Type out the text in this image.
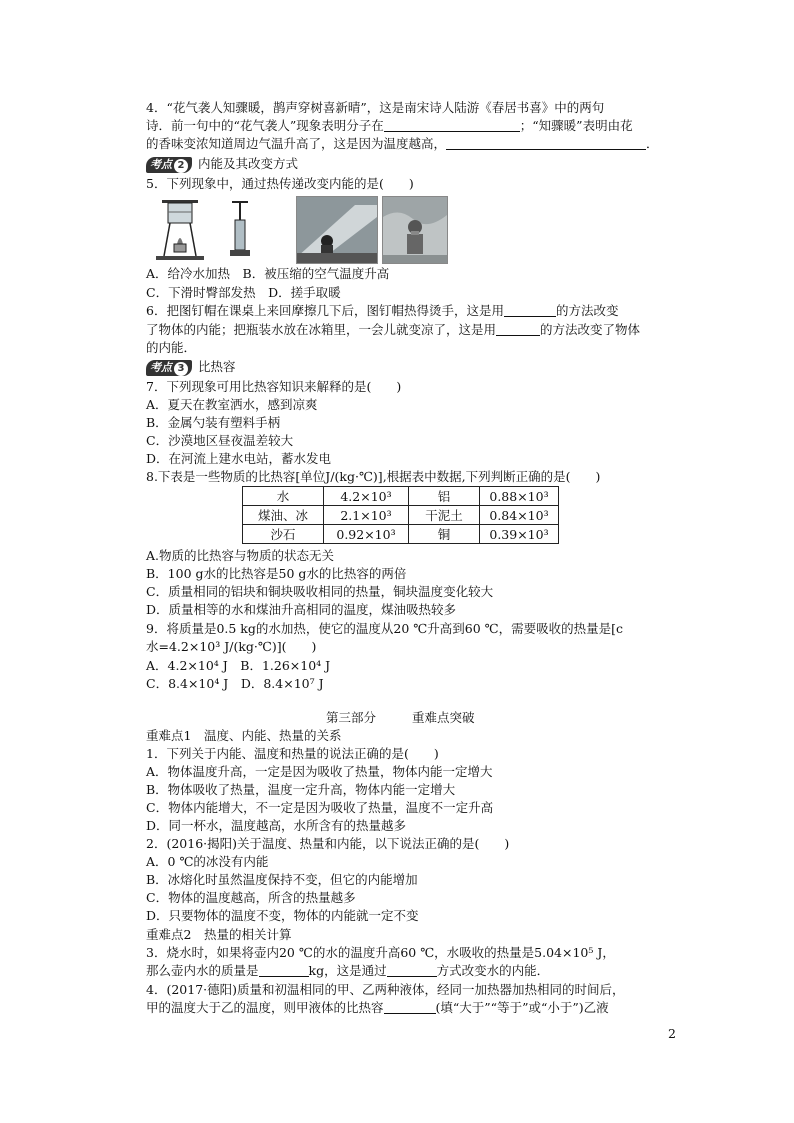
4．“花气袭人知骤暖，鹊声穿树喜新晴”，这是南宋诗人陆游《春居书喜》中的两句
诗．前一句中的“花气袭人”现象表明分子在	；“知骤暖”表明由花
的香味变浓知道周边气温升高了，这是因为温度越高，	．
考点 2 内能及其改变方式
5．下列现象中，通过热传递改变内能的是(　　)
A．给冷水加热　B．被压缩的空气温度升高
C．下滑时臀部发热　D．搓手取暖
6．把图钉帽在课桌上来回摩擦几下后，图钉帽热得烫手，这是用	的方法改变
了物体的内能；把瓶装水放在冰箱里，一会儿就变凉了，这是用	的方法改变了物体
的内能．
考点 3 比热容
7．下列现象可用比热容知识来解释的是(　　)
A．夏天在教室洒水，感到凉爽
B．金属勺装有塑料手柄
C．沙漠地区昼夜温差较大
D．在河流上建水电站，蓄水发电
8.下表是一些物质的比热容[单位J/(kg·℃)],根据表中数据,下列判断正确的是(　　)
水	4.2×10³	铝	0.88×10³
煤油、冰	2.1×10³	干泥土	0.84×10³
沙石	0.92×10³	铜	0.39×10³
A.物质的比热容与物质的状态无关
B．100 g水的比热容是50 g水的比热容的两倍
C．质量相同的铝块和铜块吸收相同的热量，铜块温度变化较大
D．质量相等的水和煤油升高相同的温度，煤油吸热较多
9．将质量是0.5 kg的水加热，使它的温度从20 ℃升高到60 ℃，需要吸收的热量是[c
水=4.2×10³ J/(kg·℃)](　　)
A．4.2×10⁴ J　B．1.26×10⁴ J
C．8.4×10⁴ J　D．8.4×10⁷ J
第三部分	重难点突破
重难点1　温度、内能、热量的关系
1．下列关于内能、温度和热量的说法正确的是(　　)
A．物体温度升高，一定是因为吸收了热量，物体内能一定增大
B．物体吸收了热量，温度一定升高，物体内能一定增大
C．物体内能增大，不一定是因为吸收了热量，温度不一定升高
D．同一杯水，温度越高，水所含有的热量越多
2．(2016·揭阳)关于温度、热量和内能，以下说法正确的是(　　)
A．0 ℃的冰没有内能
B．冰熔化时虽然温度保持不变，但它的内能增加
C．物体的温度越高，所含的热量越多
D．只要物体的温度不变，物体的内能就一定不变
重难点2　热量的相关计算
3．烧水时，如果将壶内20 ℃的水的温度升高60 ℃，水吸收的热量是5.04×10⁵ J，
那么壶内水的质量是	kg，这是通过	方式改变水的内能．
4．(2017·德阳)质量和初温相同的甲、乙两种液体，经同一加热器加热相同的时间后，
甲的温度大于乙的温度，则甲液体的比热容	(填“大于”“等于”或“小于”)乙液
2
